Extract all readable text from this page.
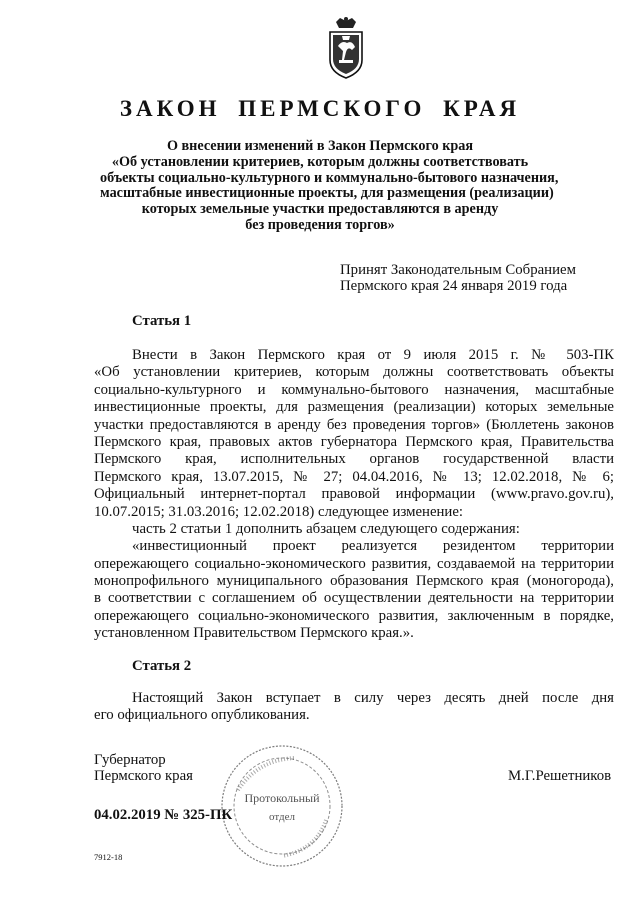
ЗАКОН ПЕРМСКОГО КРАЯ
О внесении изменений в Закон Пермского края
«Об установлении критериев, которым должны соответствовать
объекты социально-культурного и коммунально-бытового назначения,
масштабные инвестиционные проекты, для размещения (реализации)
которых земельные участки предоставляются в аренду
без проведения торгов»
Принят Законодательным Собранием
Пермского края 24 января 2019 года
Статья 1
Внести в Закон Пермского края от 9 июля 2015 г. № 503-ПК
«Об установлении критериев, которым должны соответствовать объекты
социально-культурного и коммунально-бытового назначения, масштабные
инвестиционные проекты, для размещения (реализации) которых земельные
участки предоставляются в аренду без проведения торгов» (Бюллетень законов
Пермского края, правовых актов губернатора Пермского края, Правительства
Пермского края, исполнительных органов государственной власти
Пермского края, 13.07.2015, № 27; 04.04.2016, № 13; 12.02.2018, № 6;
Официальный интернет-портал правовой информации (www.pravo.gov.ru),
10.07.2015; 31.03.2016; 12.02.2018) следующее изменение:
часть 2 статьи 1 дополнить абзацем следующего содержания:
«инвестиционный проект реализуется резидентом территории
опережающего социально-экономического развития, создаваемой на территории
монопрофильного муниципального образования Пермского края (моногорода),
в соответствии с соглашением об осуществлении деятельности на территории
опережающего социально-экономического развития, заключенным в порядке,
установленном Правительством Пермского края.».
Статья 2
Настоящий Закон вступает в силу через десять дней после дня
его официального опубликования.
Губернатор
Пермского края	М.Г.Решетников
Протокольный
отдел
04.02.2019 № 325-ПК
7912-18
